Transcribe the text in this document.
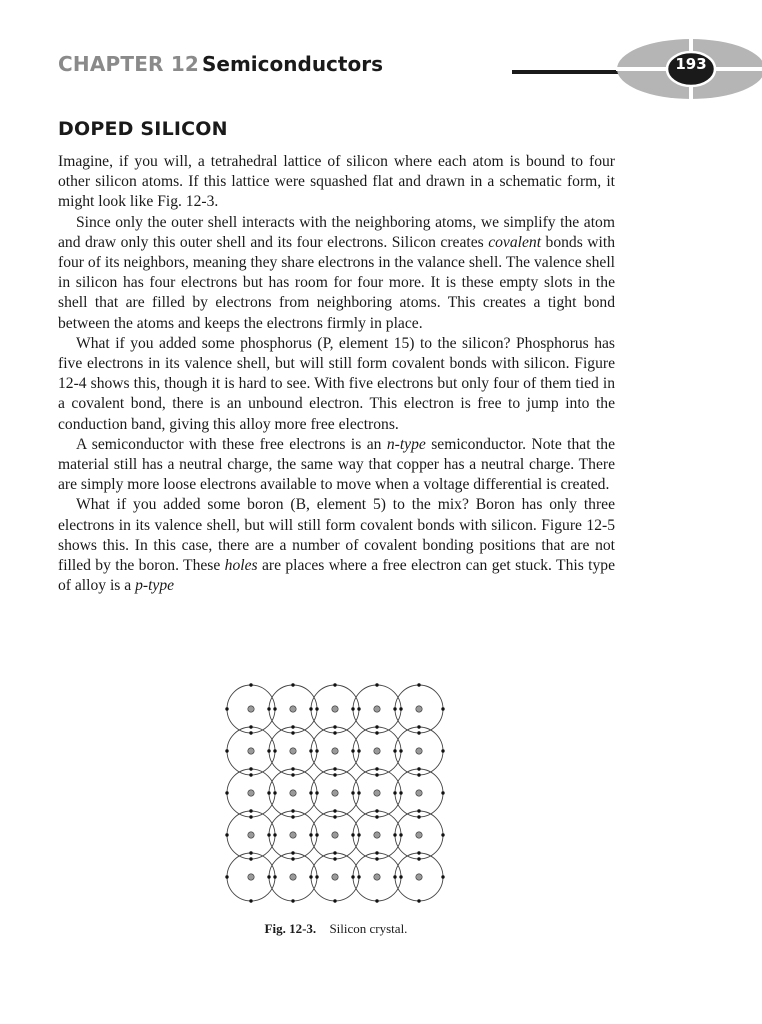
CHAPTER 12 Semiconductors	193
DOPED SILICON

Imagine, if you will, a tetrahedral lattice of silicon where each atom is bound to four other silicon atoms. If this lattice were squashed flat and drawn in a schematic form, it might look like Fig. 12-3.

Since only the outer shell interacts with the neighboring atoms, we simplify the atom and draw only this outer shell and its four electrons. Silicon creates covalent bonds with four of its neighbors, meaning they share electrons in the valance shell. The valence shell in silicon has four electrons but has room for four more. It is these empty slots in the shell that are filled by electrons from neighboring atoms. This creates a tight bond between the atoms and keeps the electrons firmly in place.

What if you added some phosphorus (P, element 15) to the silicon? Phosphorus has five electrons in its valence shell, but will still form covalent bonds with silicon. Figure 12-4 shows this, though it is hard to see. With five electrons but only four of them tied in a covalent bond, there is an unbound electron. This electron is free to jump into the conduction band, giving this alloy more free electrons.

A semiconductor with these free electrons is an n-type semiconductor. Note that the material still has a neutral charge, the same way that copper has a neutral charge. There are simply more loose electrons available to move when a voltage differential is created.

What if you added some boron (B, element 5) to the mix? Boron has only three electrons in its valence shell, but will still form covalent bonds with silicon. Figure 12-5 shows this. In this case, there are a number of covalent bonding positions that are not filled by the boron. These holes are places where a free electron can get stuck. This type of alloy is a p-type

Fig. 12-3. Silicon crystal.
